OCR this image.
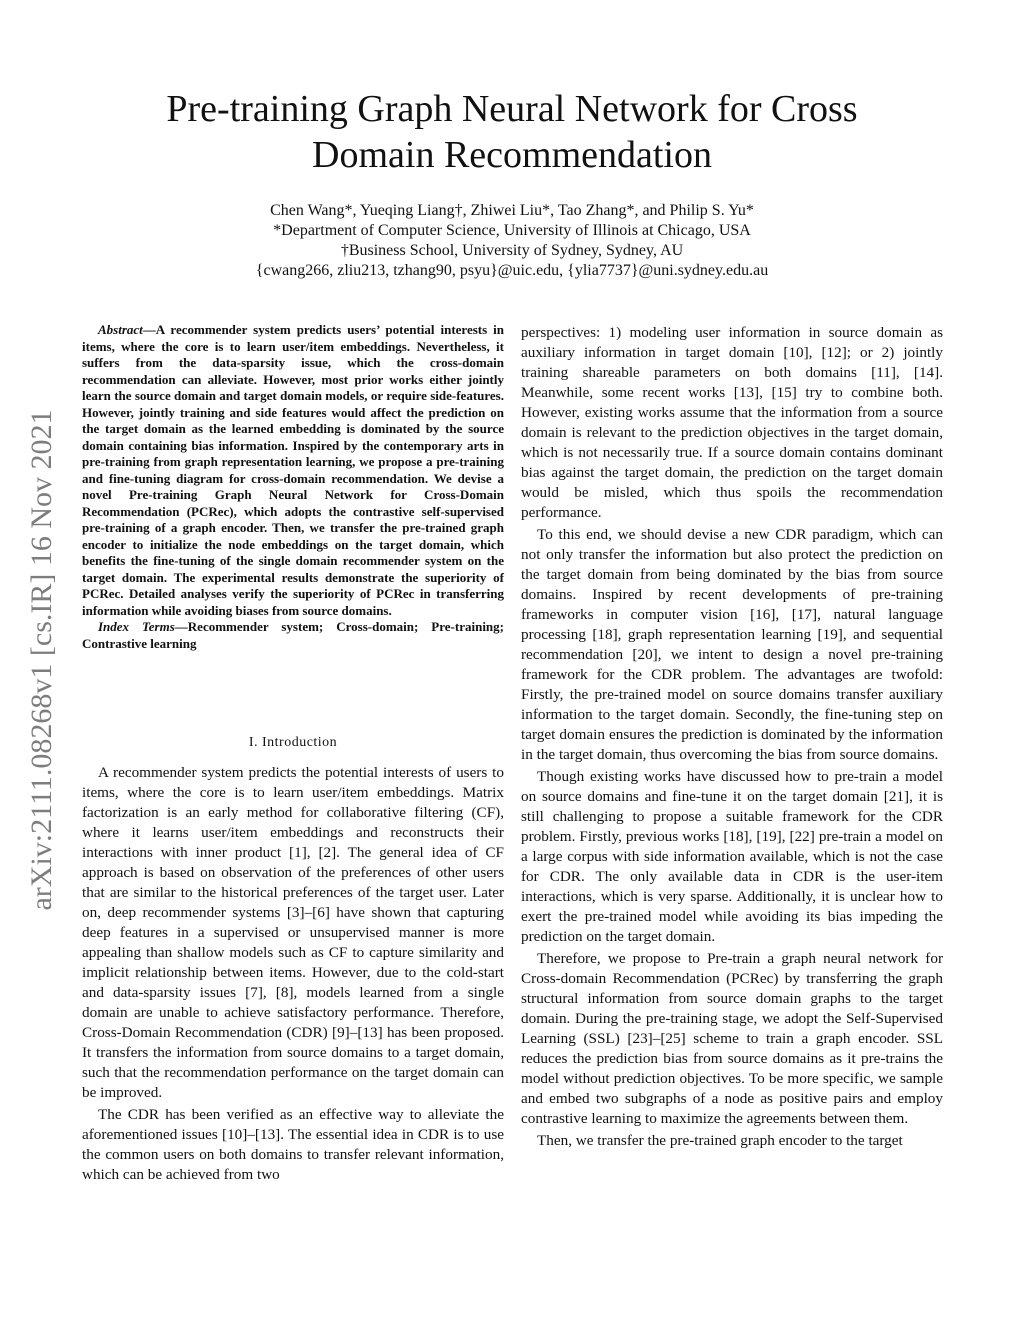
arXiv:2111.08268v1 [cs.IR] 16 Nov 2021
Pre-training Graph Neural Network for Cross
Domain Recommendation
Chen Wang*, Yueqing Liang†, Zhiwei Liu*, Tao Zhang*, and Philip S. Yu*
*Department of Computer Science, University of Illinois at Chicago, USA
†Business School, University of Sydney, Sydney, AU
{cwang266, zliu213, tzhang90, psyu}@uic.edu, {ylia7737}@uni.sydney.edu.au

Abstract—A recommender system predicts users’ potential interests in items, where the core is to learn user/item embeddings. Nevertheless, it suffers from the data-sparsity issue, which the cross-domain recommendation can alleviate. However, most prior works either jointly learn the source domain and target domain models, or require side-features. However, jointly training and side features would affect the prediction on the target domain as the learned embedding is dominated by the source domain containing bias information. Inspired by the contemporary arts in pre-training from graph representation learning, we propose a pre-training and fine-tuning diagram for cross-domain recommendation. We devise a novel Pre-training Graph Neural Network for Cross-Domain Recommendation (PCRec), which adopts the contrastive self-supervised pre-training of a graph encoder. Then, we transfer the pre-trained graph encoder to initialize the node embeddings on the target domain, which benefits the fine-tuning of the single domain recommender system on the target domain. The experimental results demonstrate the superiority of PCRec. Detailed analyses verify the superiority of PCRec in transferring information while avoiding biases from source domains.

Index Terms—Recommender system; Cross-domain; Pre-training; Contrastive learning

I. Introduction

A recommender system predicts the potential interests of users to items, where the core is to learn user/item embeddings. Matrix factorization is an early method for collaborative filtering (CF), where it learns user/item embeddings and reconstructs their interactions with inner product [1], [2]. The general idea of CF approach is based on observation of the preferences of other users that are similar to the historical preferences of the target user. Later on, deep recommender systems [3]–[6] have shown that capturing deep features in a supervised or unsupervised manner is more appealing than shallow models such as CF to capture similarity and implicit relationship between items. However, due to the cold-start and data-sparsity issues [7], [8], models learned from a single domain are unable to achieve satisfactory performance. Therefore, Cross-Domain Recommendation (CDR) [9]–[13] has been proposed. It transfers the information from source domains to a target domain, such that the recommendation performance on the target domain can be improved.

The CDR has been verified as an effective way to alleviate the aforementioned issues [10]–[13]. The essential idea in CDR is to use the common users on both domains to transfer relevant information, which can be achieved from two

perspectives: 1) modeling user information in source domain as auxiliary information in target domain [10], [12]; or 2) jointly training shareable parameters on both domains [11], [14]. Meanwhile, some recent works [13], [15] try to combine both. However, existing works assume that the information from a source domain is relevant to the prediction objectives in the target domain, which is not necessarily true. If a source domain contains dominant bias against the target domain, the prediction on the target domain would be misled, which thus spoils the recommendation performance.

To this end, we should devise a new CDR paradigm, which can not only transfer the information but also protect the prediction on the target domain from being dominated by the bias from source domains. Inspired by recent developments of pre-training frameworks in computer vision [16], [17], natural language processing [18], graph representation learning [19], and sequential recommendation [20], we intent to design a novel pre-training framework for the CDR problem. The advantages are twofold: Firstly, the pre-trained model on source domains transfer auxiliary information to the target domain. Secondly, the fine-tuning step on target domain ensures the prediction is dominated by the information in the target domain, thus overcoming the bias from source domains.

Though existing works have discussed how to pre-train a model on source domains and fine-tune it on the target domain [21], it is still challenging to propose a suitable framework for the CDR problem. Firstly, previous works [18], [19], [22] pre-train a model on a large corpus with side information available, which is not the case for CDR. The only available data in CDR is the user-item interactions, which is very sparse. Additionally, it is unclear how to exert the pre-trained model while avoiding its bias impeding the prediction on the target domain.

Therefore, we propose to Pre-train a graph neural network for Cross-domain Recommendation (PCRec) by transferring the graph structural information from source domain graphs to the target domain. During the pre-training stage, we adopt the Self-Supervised Learning (SSL) [23]–[25] scheme to train a graph encoder. SSL reduces the prediction bias from source domains as it pre-trains the model without prediction objectives. To be more specific, we sample and embed two subgraphs of a node as positive pairs and employ contrastive learning to maximize the agreements between them.

Then, we transfer the pre-trained graph encoder to the target
